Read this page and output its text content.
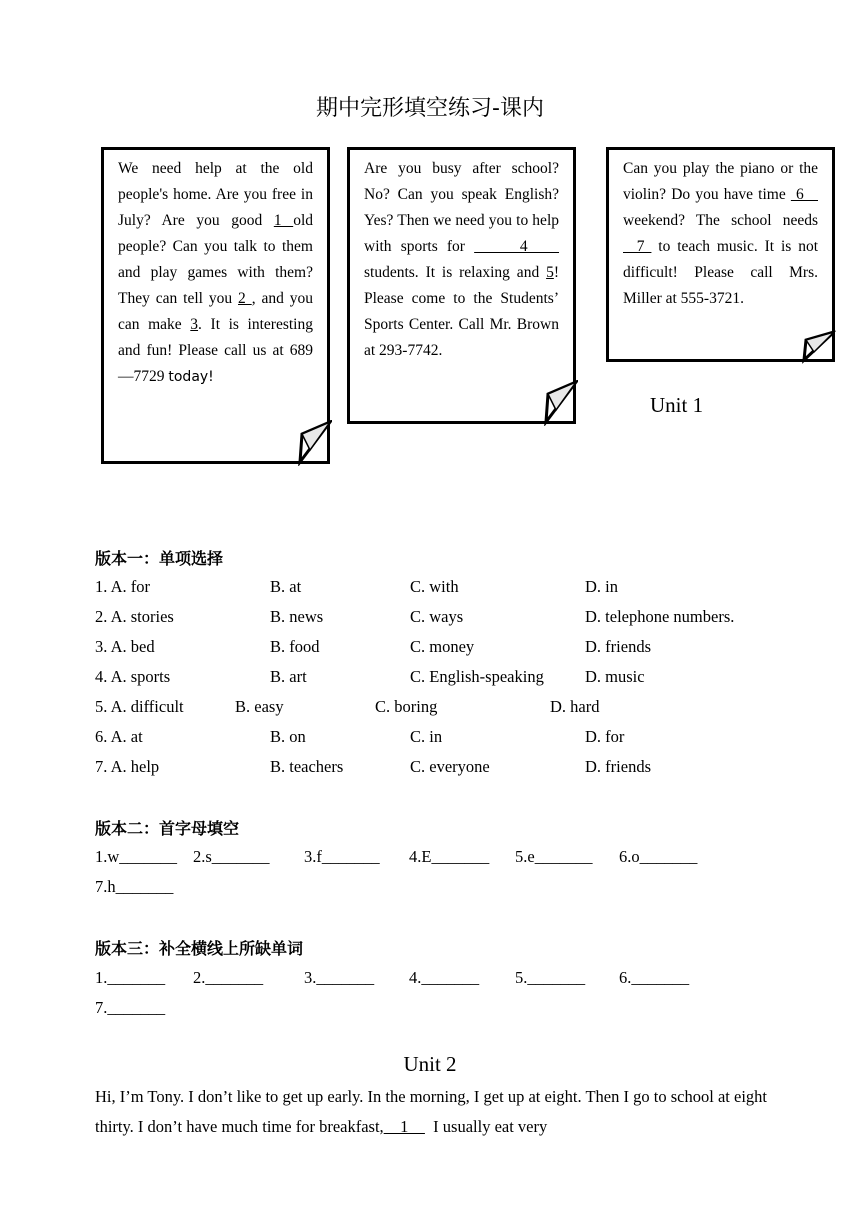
期中完形填空练习-课内

We need help at the old people's home. Are you free in July? Are you good 1 old people? Can you talk to them and play games with them? They can tell you 2 , and you can make 3. It is interesting and fun! Please call us at 689—7729 today!

Are you busy after school? No? Can you speak English? Yes? Then we need you to help with sports for      4     students. It is relaxing and 5! Please come to the Students’ Sports Center. Call Mr. Brown at 293-7742.

Can you play the piano or the violin? Do you have time  6    weekend? The school needs   7  to teach music. It is not difficult! Please call Mrs. Miller at 555-3721.

Unit 1
版本一：单项选择
1. A. for	B. at	C. with	D. in
2. A. stories	B. news	C. ways	D. telephone numbers.
3. A. bed	B. food	C. money	D. friends
4. A. sports	B. art	C. English-speaking D. music
5. A. difficult	B. easy	C. boring	D. hard
6. A. at	B. on	C. in	D. for
7. A. help	B. teachers	C. everyone	D. friends
版本二：首字母填空
1.w_______ 2.s_______ 3.f_______ 4.E_______ 5.e_______ 6.o_______
7.h_______
版本三：补全横线上所缺单词
1._______ 2._______ 3._______ 4._______ 5._______ 6._______
7._______
Unit 2
Hi, I’m Tony. I don’t like to get up early. In the morning, I get up at eight. Then I go to school at eight thirty. I don’t have much time for breakfast,    1      I usually eat very
